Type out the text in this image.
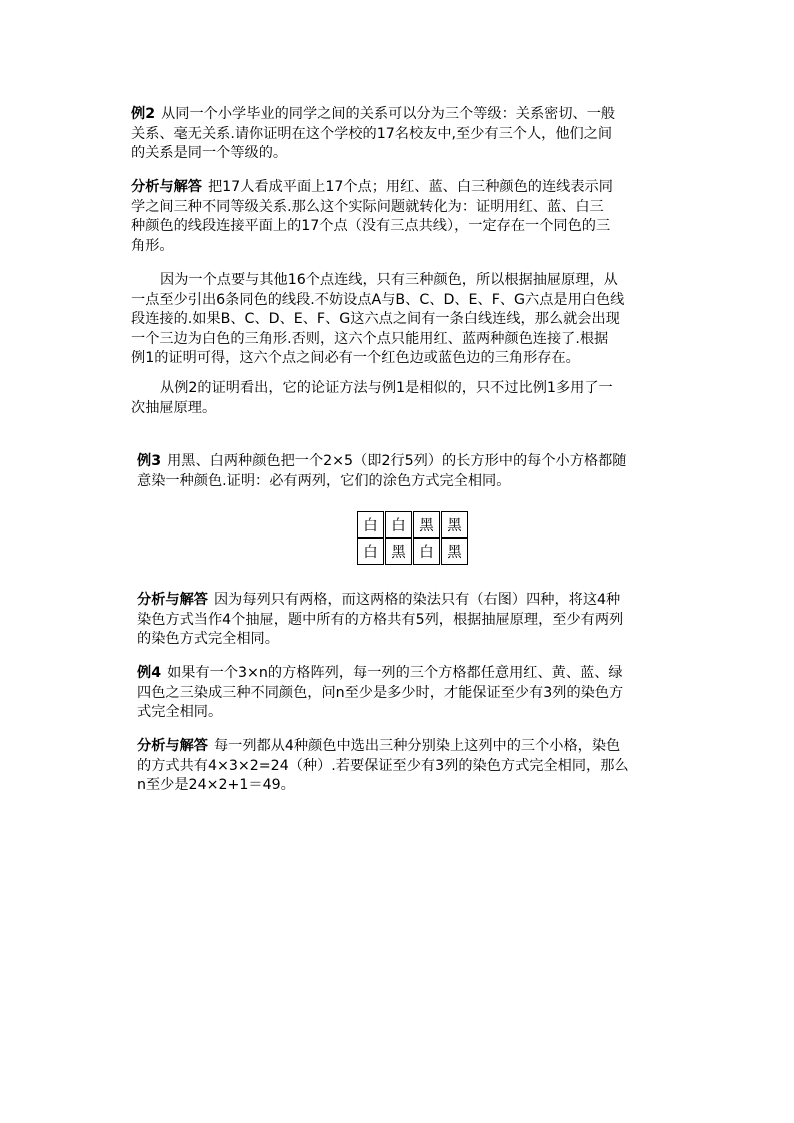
例2 从同一个小学毕业的同学之间的关系可以分为三个等级：关系密切、一般
关系、毫无关系.请你证明在这个学校的17名校友中,至少有三个人，他们之间
的关系是同一个等级的。
分析与解答 把17人看成平面上17个点；用红、蓝、白三种颜色的连线表示同
学之间三种不同等级关系.那么这个实际问题就转化为：证明用红、蓝、白三
种颜色的线段连接平面上的17个点（没有三点共线），一定存在一个同色的三
角形。
因为一个点要与其他16个点连线，只有三种颜色，所以根据抽屉原理，从
一点至少引出6条同色的线段.不妨设点A与B、C、D、E、F、G六点是用白色线
段连接的.如果B、C、D、E、F、G这六点之间有一条白线连线，那么就会出现
一个三边为白色的三角形.否则，这六个点只能用红、蓝两种颜色连接了.根据
例1的证明可得，这六个点之间必有一个红色边或蓝色边的三角形存在。
从例2的证明看出，它的论证方法与例1是相似的，只不过比例1多用了一
次抽屉原理。
例3 用黑、白两种颜色把一个2×5（即2行5列）的长方形中的每个小方格都随
意染一种颜色.证明：必有两列，它们的涂色方式完全相同。
白 白 黑 黑
白 黑 白 黑
分析与解答 因为每列只有两格，而这两格的染法只有（右图）四种，将这4种
染色方式当作4个抽屉，题中所有的方格共有5列，根据抽屉原理，至少有两列
的染色方式完全相同。
例4 如果有一个3×n的方格阵列，每一列的三个方格都任意用红、黄、蓝、绿
四色之三染成三种不同颜色，问n至少是多少时，才能保证至少有3列的染色方
式完全相同。
分析与解答 每一列都从4种颜色中选出三种分别染上这列中的三个小格，染色
的方式共有4×3×2=24（种）.若要保证至少有3列的染色方式完全相同，那么
n至少是24×2+1＝49。
